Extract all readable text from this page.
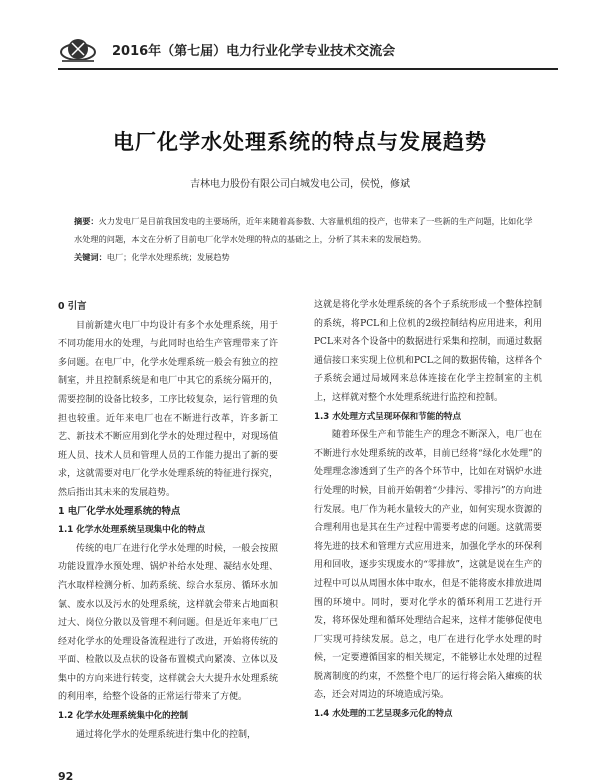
2016年（第七届）电力行业化学专业技术交流会
电厂化学水处理系统的特点与发展趋势
吉林电力股份有限公司白城发电公司，侯悦，修斌
摘要：火力发电厂是目前我国发电的主要场所，近年来随着高参数、大容量机组的投产，也带来了一些新的生产问题，比如化学水处理的问题，本文在分析了目前电厂化学水处理的特点的基础之上，分析了其未来的发展趋势。
关键词：电厂；化学水处理系统；发展趋势
0 引言

目前新建火电厂中均设计有多个水处理系统，用于不同功能用水的处理，与此同时也给生产管理带来了许多问题。在电厂中，化学水处理系统一般会有独立的控制室，并且控制系统是和电厂中其它的系统分隔开的，需要控制的设备比较多，工序比较复杂，运行管理的负担也较重。近年来电厂也在不断进行改革，许多新工艺、新技术不断应用到化学水的处理过程中，对现场值班人员、技术人员和管理人员的工作能力提出了新的要求，这就需要对电厂化学水处理系统的特征进行探究，然后指出其未来的发展趋势。

1 电厂化学水处理系统的特点
1.1 化学水处理系统呈现集中化的特点

传统的电厂在进行化学水处理的时候，一般会按照功能设置净水预处理、锅炉补给水处理、凝结水处理、汽水取样检测分析、加药系统、综合水泵房、循环水加氯、废水以及污水的处理系统，这样就会带来占地面积过大、岗位分散以及管理不利问题。但是近年来电厂已经对化学水的处理设备流程进行了改进，开始将传统的平面、检散以及点状的设备布置模式向紧凑、立体以及集中的方向来进行转变，这样就会大大提升水处理系统的利用率，给整个设备的正常运行带来了方便。

1.2 化学水处理系统集中化的控制

通过将化学水的处理系统进行集中化的控制，

这就是将化学水处理系统的各个子系统形成一个整体控制的系统，将PCL和上位机的2级控制结构应用进来，利用PCL来对各个设备中的数据进行采集和控制，而通过数据通信接口来实现上位机和PCL之间的数据传输，这样各个子系统会通过局域网来总体连接在化学主控制室的主机上，这样就对整个水处理系统进行监控和控制。

1.3 水处理方式呈现环保和节能的特点

随着环保生产和节能生产的理念不断深入，电厂也在不断进行水处理系统的改革，目前已经将“绿化水处理”的处理理念渗透到了生产的各个环节中，比如在对锅炉水进行处理的时候，目前开始朝着“少排污、零排污”的方向进行发展。电厂作为耗水量较大的产业，如何实现水资源的合理利用也是其在生产过程中需要考虑的问题。这就需要将先进的技术和管理方式应用进来，加强化学水的环保利用和回收，逐步实现废水的“零排放”，这就是说在生产的过程中可以从周围水体中取水，但是不能将废水排放进周围的环境中。同时，要对化学水的循环利用工艺进行开发，将环保处理和循环处理结合起来，这样才能够促使电厂实现可持续发展。总之，电厂在进行化学水处理的时候，一定要遵循国家的相关规定，不能够让水处理的过程脱离制度的约束，不然整个电厂的运行将会陷入瘫痪的状态，还会对周边的环境造成污染。

1.4 水处理的工艺呈现多元化的特点
92
